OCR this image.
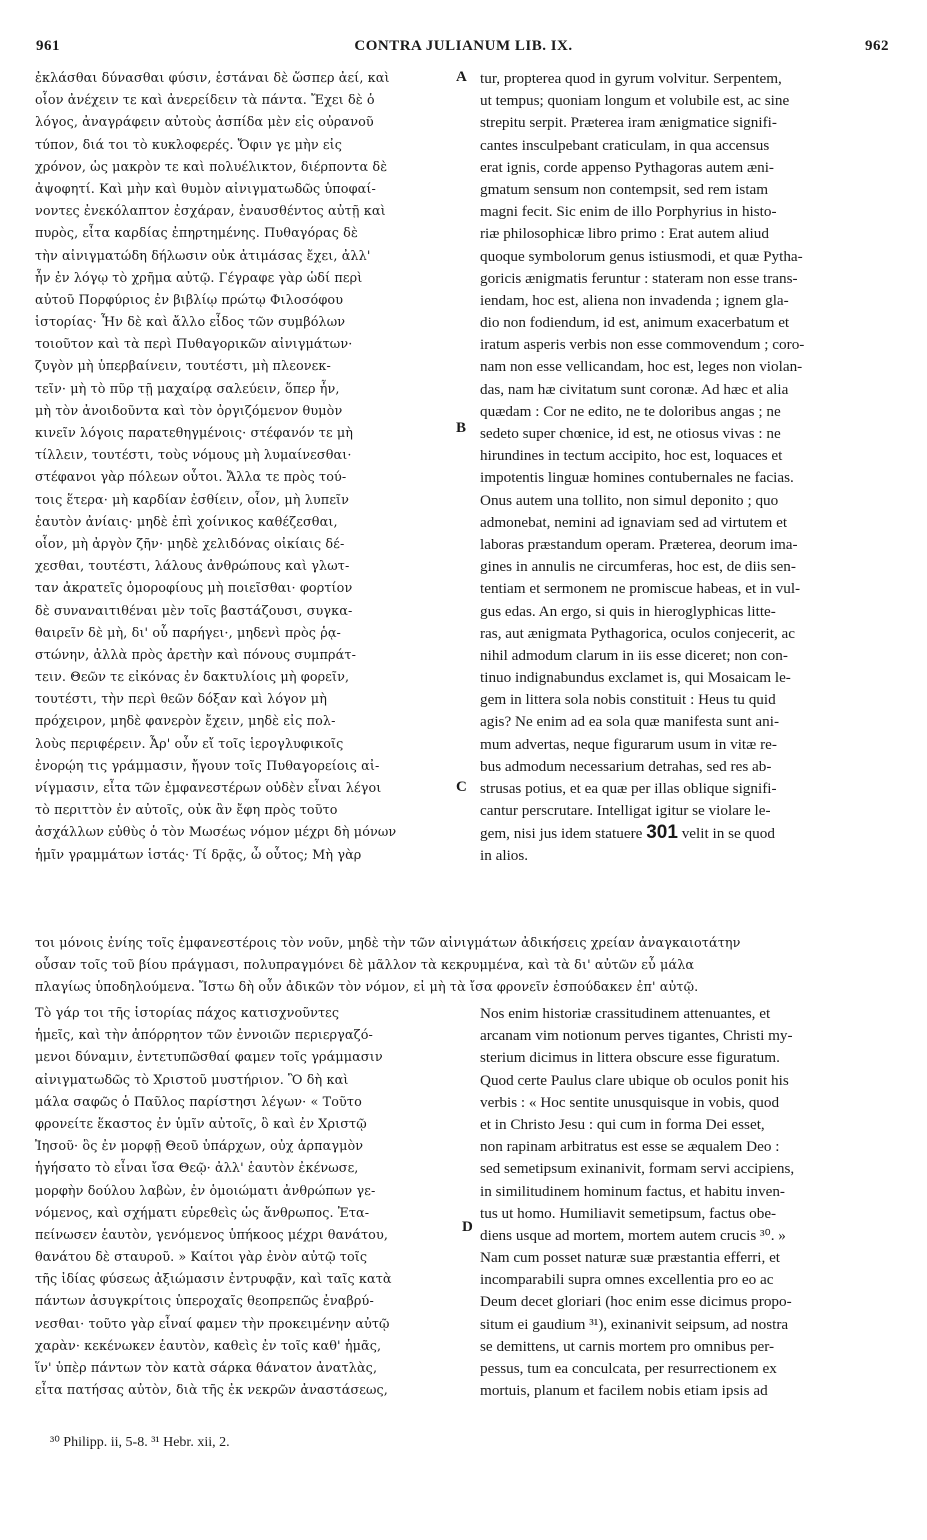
CONTRA JULIANUM LIB. IX.
961	962
A
B
C
D
ἐκλάσθαι δύνασθαι φύσιν, ἑστάναι δὲ ὥσπερ ἀεί, καὶ
οἷον ἀνέχειν τε καὶ ἀνερείδειν τὰ πάντα. Ἔχει δὲ ὁ
λόγος, ἀναγράφειν αὐτοὺς ἀσπίδα μὲν εἰς οὐρανοῦ
τύπον, διά τοι τὸ κυκλοφερές. Ὄφιν γε μὴν εἰς
χρόνον, ὡς μακρὸν τε καὶ πολυέλικτον, διέρποντα δὲ
ἀψοφητί. Καὶ μὴν καὶ θυμὸν αἰνιγματωδῶς ὑποφαί-
νοντες ἐνεκόλαπτον ἐσχάραν, ἐναυσθέντος αὐτῇ καὶ
πυρὸς, εἶτα καρδίας ἐπηρτημένης. Πυθαγόρας δὲ
τὴν αἰνιγματώδη δήλωσιν οὐκ ἀτιμάσας ἔχει, ἀλλ'
ἦν ἐν λόγῳ τὸ χρῆμα αὐτῷ. Γέγραφε γὰρ ὡδί περὶ
αὐτοῦ Πορφύριος ἐν βιβλίῳ πρώτῳ Φιλοσόφου
ἱστορίας· Ἦν δὲ καὶ ἄλλο εἶδος τῶν συμβόλων
τοιοῦτον καὶ τὰ περὶ Πυθαγορικῶν αἰνιγμάτων·
ζυγὸν μὴ ὑπερβαίνειν, τουτέστι, μὴ πλεονεκ-
τεῖν· μὴ τὸ πῦρ τῇ μαχαίρᾳ σαλεύειν, ὅπερ ἦν,
μὴ τὸν ἀνοιδοῦντα καὶ τὸν ὀργιζόμενον θυμὸν
κινεῖν λόγοις παρατεθηγμένοις· στέφανόν τε μὴ
τίλλειν, τουτέστι, τοὺς νόμους μὴ λυμαίνεσθαι·
στέφανοι γὰρ πόλεων οὗτοι. Ἄλλα τε πρὸς τού-
τοις ἕτερα· μὴ καρδίαν ἐσθίειν, οἷον, μὴ λυπεῖν
ἑαυτὸν ἀνίαις· μηδὲ ἐπὶ χοίνικος καθέζεσθαι,
οἷον, μὴ ἀργὸν ζῆν· μηδὲ χελιδόνας οἰκίαις δέ-
χεσθαι, τουτέστι, λάλους ἀνθρώπους καὶ γλωτ-
ταν ἀκρατεῖς ὁμοροφίους μὴ ποιεῖσθαι· φορτίον
δὲ συναναιτιθέναι μὲν τοῖς βαστάζουσι, συγκα-
θαιρεῖν δὲ μὴ, δι' οὗ παρήγει·, μηδενὶ πρὸς ῥᾳ-
στώνην, ἀλλὰ πρὸς ἀρετὴν καὶ πόνους συμπράτ-
τειν. Θεῶν τε εἰκόνας ἐν δακτυλίοις μὴ φορεῖν,
τουτέστι, τὴν περὶ θεῶν δόξαν καὶ λόγον μὴ
πρόχειρον, μηδὲ φανερὸν ἔχειν, μηδὲ εἰς πολ-
λοὺς περιφέρειν. Ἆρ' οὖν εἴ τοῖς ἱερογλυφικοῖς
ἐνορῴη τις γράμμασιν, ἤγουν τοῖς Πυθαγορείοις αἰ-
νίγμασιν, εἶτα τῶν ἐμφανεστέρων οὐδὲν εἶναι λέγοι
τὸ περιττὸν ἐν αὐτοῖς, οὐκ ἂν ἔφη πρὸς τοῦτο
ἀσχάλλων εὐθὺς ὁ τὸν Μωσέως νόμον μέχρι δὴ μόνων
ἡμῖν γραμμάτων ἱστάς· Τί δρᾷς, ὦ οὗτος; Μὴ γὰρ
tur, propterea quod in gyrum volvitur. Serpentem,
ut tempus; quoniam longum et volubile est, ac sine
strepitu serpit. Præterea iram ænigmatice signifi-
cantes insculpebant craticulam, in qua accensus
erat ignis, corde appenso Pythagoras autem æni-
gmatum sensum non contempsit, sed rem istam
magni fecit. Sic enim de illo Porphyrius in histo-
riæ philosophicæ libro primo : Erat autem aliud
quoque symbolorum genus istiusmodi, et quæ Pytha-
goricis ænigmatis feruntur : stateram non esse trans-
iendam, hoc est, aliena non invadenda ; ignem gla-
dio non fodiendum, id est, animum exacerbatum et
iratum asperis verbis non esse commovendum ; coro-
nam non esse vellicandam, hoc est, leges non violan-
das, nam hæ civitatum sunt coronæ. Ad hæc et alia
quædam : Cor ne edito, ne te doloribus angas ; ne
sedeto super chœnice, id est, ne otiosus vivas : ne
hirundines in tectum accipito, hoc est, loquaces et
impotentis linguæ homines contubernales ne facias.
Onus autem una tollito, non simul deponito ; quo
admonebat, nemini ad ignaviam sed ad virtutem et
laboras præstandum operam. Præterea, deorum ima-
gines in annulis ne circumferas, hoc est, de diis sen-
tentiam et sermonem ne promiscue habeas, et in vul-
gus edas. An ergo, si quis in hieroglyphicas litte-
ras, aut ænigmata Pythagorica, oculos conjecerit, ac
nihil admodum clarum in iis esse diceret; non con-
tinuo indignabundus exclamet is, qui Mosaicam le-
gem in littera sola nobis constituit : Heus tu quid
agis? Ne enim ad ea sola quæ manifesta sunt ani-
mum advertas, neque figurarum usum in vitæ re-
bus admodum necessarium detrahas, sed res ab-
strusas potius, et ea quæ per illas oblique signifi-
cantur perscrutare. Intelligat igitur se violare le-
gem, nisi jus idem statuere 301 velit in se quod
in alios.
τοι μόνοις ἐνίης τοῖς ἐμφανεστέροις τὸν νοῦν, μηδὲ τὴν τῶν αἰνιγμάτων ἀδικήσεις χρείαν ἀναγκαιοτάτην
οὖσαν τοῖς τοῦ βίου πράγμασι, πολυπραγμόνει δὲ μᾶλλον τὰ κεκρυμμένα, καὶ τὰ δι' αὐτῶν εὖ μάλα
πλαγίως ὑποδηλούμενα. Ἴστω δὴ οὖν ἀδικῶν τὸν νόμον, εἰ μὴ τὰ ἴσα φρονεῖν ἐσπούδακεν ἐπ' αὐτῷ.
Τὸ γάρ τοι τῆς ἱστορίας πάχος κατισχνοῦντες
ἡμεῖς, καὶ τὴν ἀπόρρητον τῶν ἐννοιῶν περιεργαζό-
μενοι δύναμιν, ἐντετυπῶσθαί φαμεν τοῖς γράμμασιν
αἰνιγματωδῶς τὸ Χριστοῦ μυστήριον. Ὃ δὴ καὶ
μάλα σαφῶς ὁ Παῦλος παρίστησι λέγων· « Τοῦτο
φρονείτε ἕκαστος ἐν ὑμῖν αὐτοῖς, ὃ καὶ ἐν Χριστῷ
Ἰησοῦ· ὃς ἐν μορφῇ Θεοῦ ὑπάρχων, οὐχ ἁρπαγμὸν
ἡγήσατο τὸ εἶναι ἴσα Θεῷ· ἀλλ' ἑαυτὸν ἐκένωσε,
μορφὴν δούλου λαβὼν, ἐν ὁμοιώματι ἀνθρώπων γε-
νόμενος, καὶ σχήματι εὑρεθεὶς ὡς ἄνθρωπος. Ἐτα-
πείνωσεν ἑαυτὸν, γενόμενος ὑπήκοος μέχρι θανάτου,
θανάτου δὲ σταυροῦ. » Καίτοι γὰρ ἐνὸν αὐτῷ τοῖς
τῆς ἰδίας φύσεως ἀξιώμασιν ἐντρυφᾷν, καὶ ταῖς κατὰ
πάντων ἀσυγκρίτοις ὑπεροχαῖς θεοπρεπῶς ἐναβρύ-
νεσθαι· τοῦτο γὰρ εἶναί φαμεν τὴν προκειμένην αὐτῷ
χαρὰν· κεκένωκεν ἑαυτὸν, καθεὶς ἐν τοῖς καθ' ἡμᾶς,
ἵν' ὑπὲρ πάντων τὸν κατὰ σάρκα θάνατον ἀνατλὰς,
εἶτα πατήσας αὐτὸν, διὰ τῆς ἐκ νεκρῶν ἀναστάσεως,
Nos enim historiæ crassitudinem attenuantes, et
arcanam vim notionum perves tigantes, Christi my-
sterium dicimus in littera obscure esse figuratum.
Quod certe Paulus clare ubique ob oculos ponit his
verbis : « Hoc sentite unusquisque in vobis, quod
et in Christo Jesu : qui cum in forma Dei esset,
non rapinam arbitratus est esse se æqualem Deo :
sed semetipsum exinanivit, formam servi accipiens,
in similitudinem hominum factus, et habitu inven-
tus ut homo. Humiliavit semetipsum, factus obe-
diens usque ad mortem, mortem autem crucis ³⁰. »
Nam cum posset naturæ suæ præstantia efferri, et
incomparabili supra omnes excellentia pro eo ac
Deum decet gloriari (hoc enim esse dicimus propo-
situm ei gaudium ³¹), exinanivit seipsum, ad nostra
se demittens, ut carnis mortem pro omnibus per-
pessus, tum ea conculcata, per resurrectionem ex
mortuis, planum et facilem nobis etiam ipsis ad
³⁰ Philipp. ii, 5-8. ³¹ Hebr. xii, 2.
